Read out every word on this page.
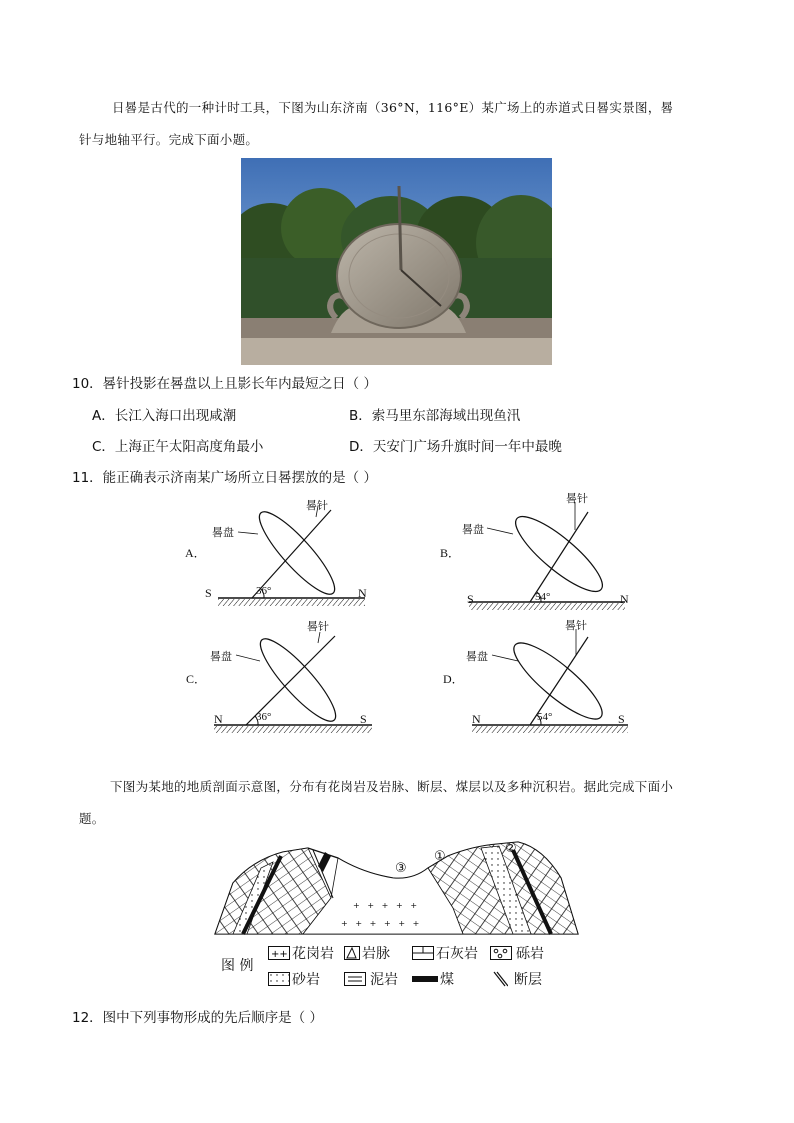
日晷是古代的一种计时工具，下图为山东济南（36°N，116°E）某广场上的赤道式日晷实景图，晷
针与地轴平行。完成下面小题。
10．晷针投影在晷盘以上且影长年内最短之日（ ）
A．长江入海口出现咸潮	B．索马里东部海域出现鱼汛
C．上海正午太阳高度角最小	D．天安门广场升旗时间一年中最晚
11．能正确表示济南某广场所立日晷摆放的是（ ）
A．
晷针
晷盘
S	N
36°
B．
晷针
晷盘
S	N
54°
C．
晷针
晷盘
N	S
36°
D．
晷针
晷盘
N	S
54°
下图为某地的地质剖面示意图，分布有花岗岩及岩脉、断层、煤层以及多种沉积岩。据此完成下面小
题。
+   +   +   +   +
+   +   +   +   +   +
③
①
②
图 例
++ 花岗岩 岩脉	石灰岩	砾岩
砂岩	泥岩	煤	断层
12．图中下列事物形成的先后顺序是（ ）
